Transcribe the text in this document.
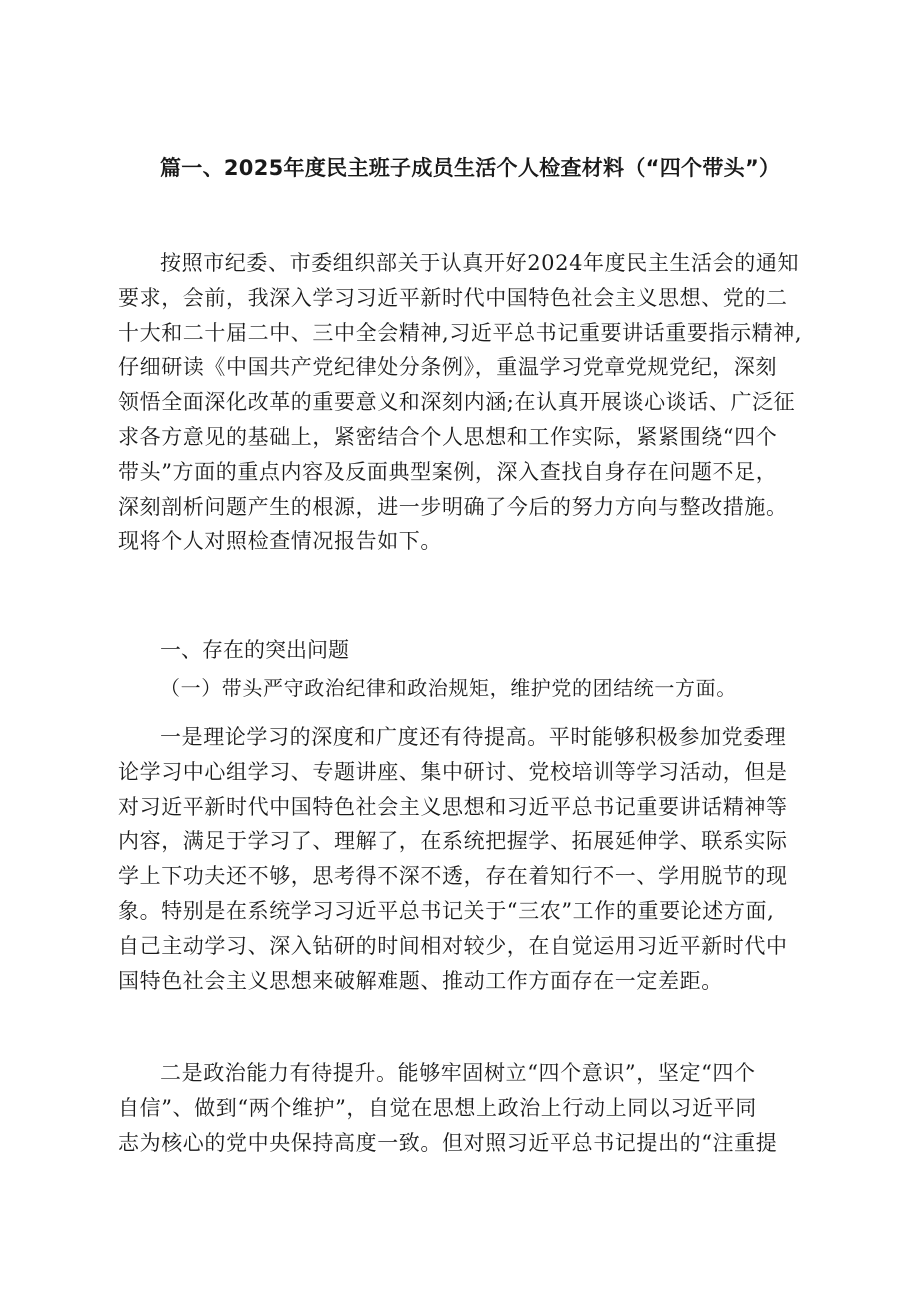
篇一、2025年度民主班子成员生活个人检查材料（“四个带头”）
按照市纪委、市委组织部关于认真开好2024年度民主生活会的通知
要求，会前，我深入学习习近平新时代中国特色社会主义思想、党的二
十大和二十届二中、三中全会精神,习近平总书记重要讲话重要指示精神,
仔细研读《中国共产党纪律处分条例》，重温学习党章党规党纪，深刻
领悟全面深化改革的重要意义和深刻内涵;在认真开展谈心谈话、广泛征
求各方意见的基础上，紧密结合个人思想和工作实际，紧紧围绕“四个
带头”方面的重点内容及反面典型案例，深入查找自身存在问题不足，
深刻剖析问题产生的根源，进一步明确了今后的努力方向与整改措施。
现将个人对照检查情况报告如下。
一、存在的突出问题
（一）带头严守政治纪律和政治规矩，维护党的团结统一方面。
一是理论学习的深度和广度还有待提高。平时能够积极参加党委理
论学习中心组学习、专题讲座、集中研讨、党校培训等学习活动，但是
对习近平新时代中国特色社会主义思想和习近平总书记重要讲话精神等
内容，满足于学习了、理解了，在系统把握学、拓展延伸学、联系实际
学上下功夫还不够，思考得不深不透，存在着知行不一、学用脱节的现
象。特别是在系统学习习近平总书记关于“三农”工作的重要论述方面,
自己主动学习、深入钻研的时间相对较少，在自觉运用习近平新时代中
国特色社会主义思想来破解难题、推动工作方面存在一定差距。
二是政治能力有待提升。能够牢固树立“四个意识”，坚定“四个
自信”、做到“两个维护”，自觉在思想上政治上行动上同以习近平同
志为核心的党中央保持高度一致。但对照习近平总书记提出的“注重提
